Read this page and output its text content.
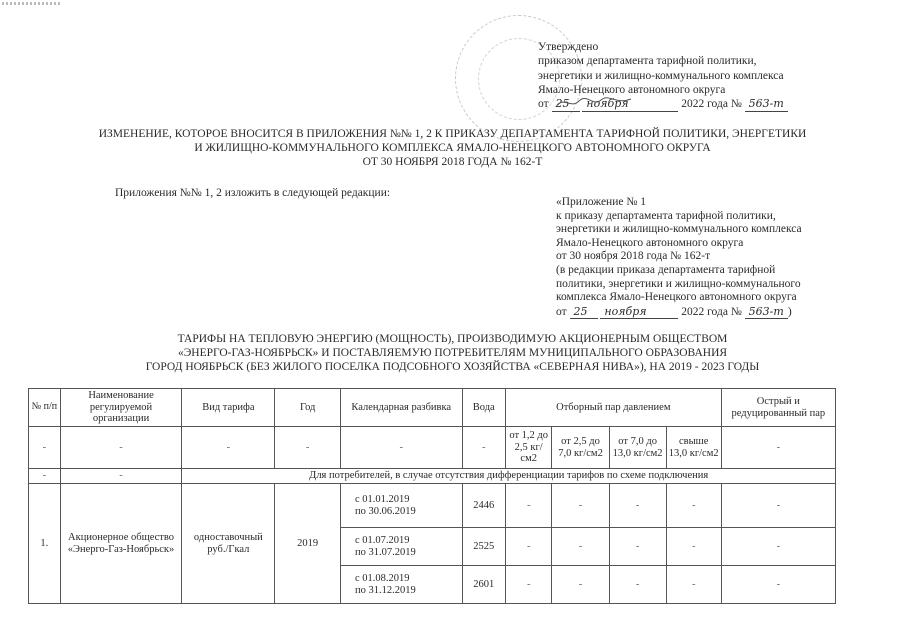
Утверждено
приказом департамента тарифной политики,
энергетики и жилищно-коммунального комплекса
Ямало-Ненецкого автономного округа
от 25 ноября	2022 года № 563-т
ИЗМЕНЕНИЕ, КОТОРОЕ ВНОСИТСЯ В ПРИЛОЖЕНИЯ №№ 1, 2 К ПРИКАЗУ ДЕПАРТАМЕНТА ТАРИФНОЙ ПОЛИТИКИ, ЭНЕРГЕТИКИ
И ЖИЛИЩНО-КОММУНАЛЬНОГО КОМПЛЕКСА ЯМАЛО-НЕНЕЦКОГО АВТОНОМНОГО ОКРУГА
ОТ 30 НОЯБРЯ 2018 ГОДА № 162-Т
Приложения №№ 1, 2 изложить в следующей редакции:
«Приложение № 1
к приказу департамента тарифной политики,
энергетики и жилищно-коммунального комплекса
Ямало-Ненецкого автономного округа
от 30 ноября 2018 года № 162-т
(в редакции приказа департамента тарифной
политики, энергетики и жилищно-коммунального
комплекса Ямало-Ненецкого автономного округа
от 25 ноября	2022 года № 563-т )
ТАРИФЫ НА ТЕПЛОВУЮ ЭНЕРГИЮ (МОЩНОСТЬ), ПРОИЗВОДИМУЮ АКЦИОНЕРНЫМ ОБЩЕСТВОМ
«ЭНЕРГО-ГАЗ-НОЯБРЬСК» И ПОСТАВЛЯЕМУЮ ПОТРЕБИТЕЛЯМ МУНИЦИПАЛЬНОГО ОБРАЗОВАНИЯ
ГОРОД НОЯБРЬСК (БЕЗ ЖИЛОГО ПОСЕЛКА ПОДСОБНОГО ХОЗЯЙСТВА «СЕВЕРНАЯ НИВА»), НА 2019 - 2023 ГОДЫ
№ п/п	Наименование регулируемой организации	Вид тарифа	Год	Календарная разбивка	Вода	Отборный пар давлением				Острый и редуцированный пар
-	-	-	-	-	-	от 1,2 до 2,5 кг/см2	от 2,5 до 7,0 кг/см2	от 7,0 до 13,0 кг/см2	свыше 13,0 кг/см2	-
-	-	Для потребителей, в случае отсутствия дифференциации тарифов по схеме подключения								
1.	Акционерное общество «Энерго-Газ-Ноябрьск»	одноставочный руб./Гкал	2019	с 01.01.2019
по 30.06.2019	2446	-	-	-	-	-

				с 01.07.2019
по 31.07.2019	2525	-	-	-	-	-

				с 01.08.2019
по 31.12.2019	2601	-	-	-	-	-
